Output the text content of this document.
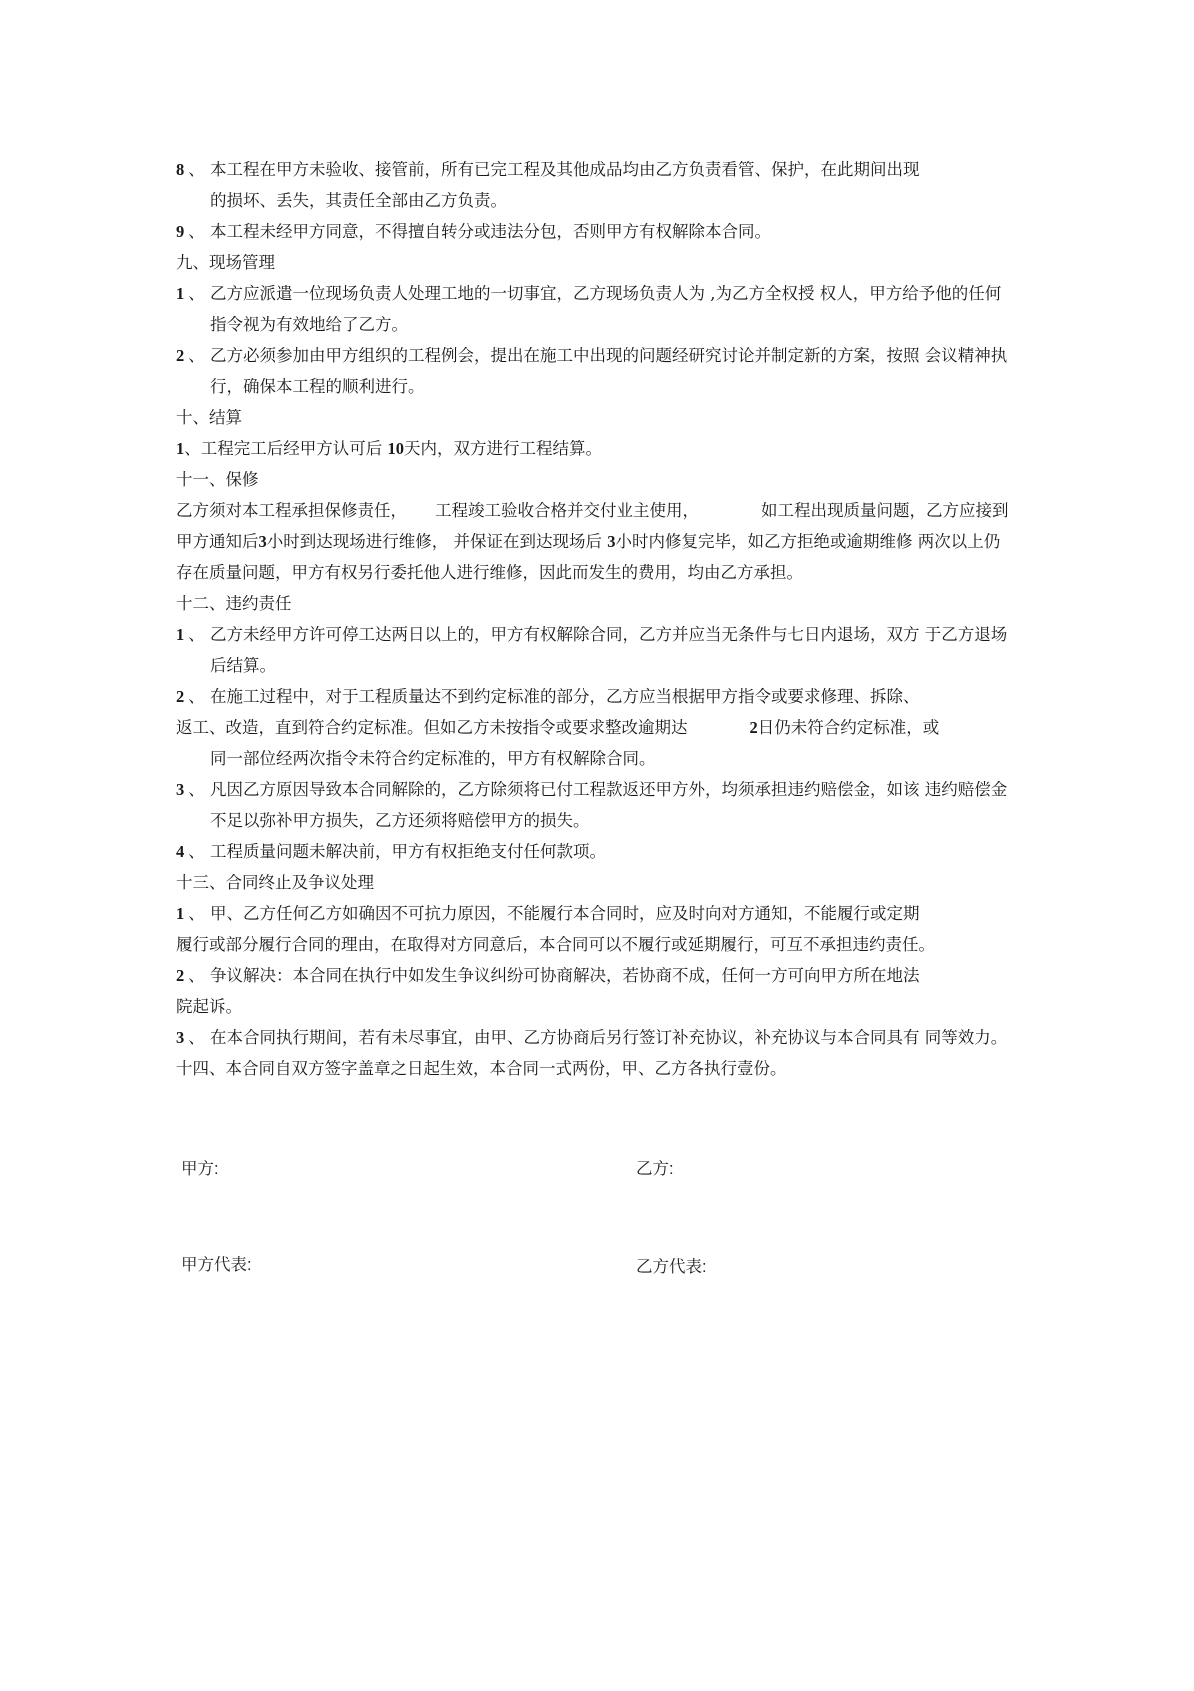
8 、 本工程在甲方未验收、接管前，所有已完工程及其他成品均由乙方负责看管、保护，在此期间出现
的损坏、丢失，其责任全部由乙方负责。
9 、 本工程未经甲方同意，不得擅自转分或违法分包，否则甲方有权解除本合同。
九、现场管理
1 、 乙方应派遣一位现场负责人处理工地的一切事宜，乙方现场负责人为 ,为乙方全权授 权人，甲方给予他的任何
指令视为有效地给了乙方。
2 、 乙方必须参加由甲方组织的工程例会，提出在施工中出现的问题经研究讨论并制定新的方案，按照 会议精神执
行，确保本工程的顺利进行。
十、结算
1、工程完工后经甲方认可后 10天内，双方进行工程结算。
十一、保修
乙方须对本工程承担保修责任， 工程竣工验收合格并交付业主使用，	如工程出现质量问题，乙方应接到
甲方通知后3小时到达现场进行维修， 并保证在到达现场后 3小时内修复完毕，如乙方拒绝或逾期维修 两次以上仍
存在质量问题，甲方有权另行委托他人进行维修，因此而发生的费用，均由乙方承担。
十二、违约责任
1 、 乙方未经甲方许可停工达两日以上的，甲方有权解除合同，乙方并应当无条件与七日内退场，双方 于乙方退场
后结算。
2 、 在施工过程中，对于工程质量达不到约定标准的部分，乙方应当根据甲方指令或要求修理、拆除、
返工、改造，直到符合约定标准。但如乙方未按指令或要求整改逾期达	2日仍未符合约定标准，或
同一部位经两次指令未符合约定标准的，甲方有权解除合同。
3 、 凡因乙方原因导致本合同解除的，乙方除须将已付工程款返还甲方外，均须承担违约赔偿金，如该 违约赔偿金
不足以弥补甲方损失，乙方还须将赔偿甲方的损失。
4 、 工程质量问题未解决前，甲方有权拒绝支付任何款项。
十三、合同终止及争议处理
1 、 甲、乙方任何乙方如确因不可抗力原因，不能履行本合同时，应及时向对方通知，不能履行或定期
履行或部分履行合同的理由，在取得对方同意后，本合同可以不履行或延期履行，可互不承担违约责任。
2 、 争议解决：本合同在执行中如发生争议纠纷可协商解决，若协商不成，任何一方可向甲方所在地法
院起诉。
3 、 在本合同执行期间，若有未尽事宜，由甲、乙方协商后另行签订补充协议，补充协议与本合同具有 同等效力。
十四、本合同自双方签字盖章之日起生效，本合同一式两份，甲、乙方各执行壹份。
甲方:	乙方:
甲方代表:	乙方代表:
